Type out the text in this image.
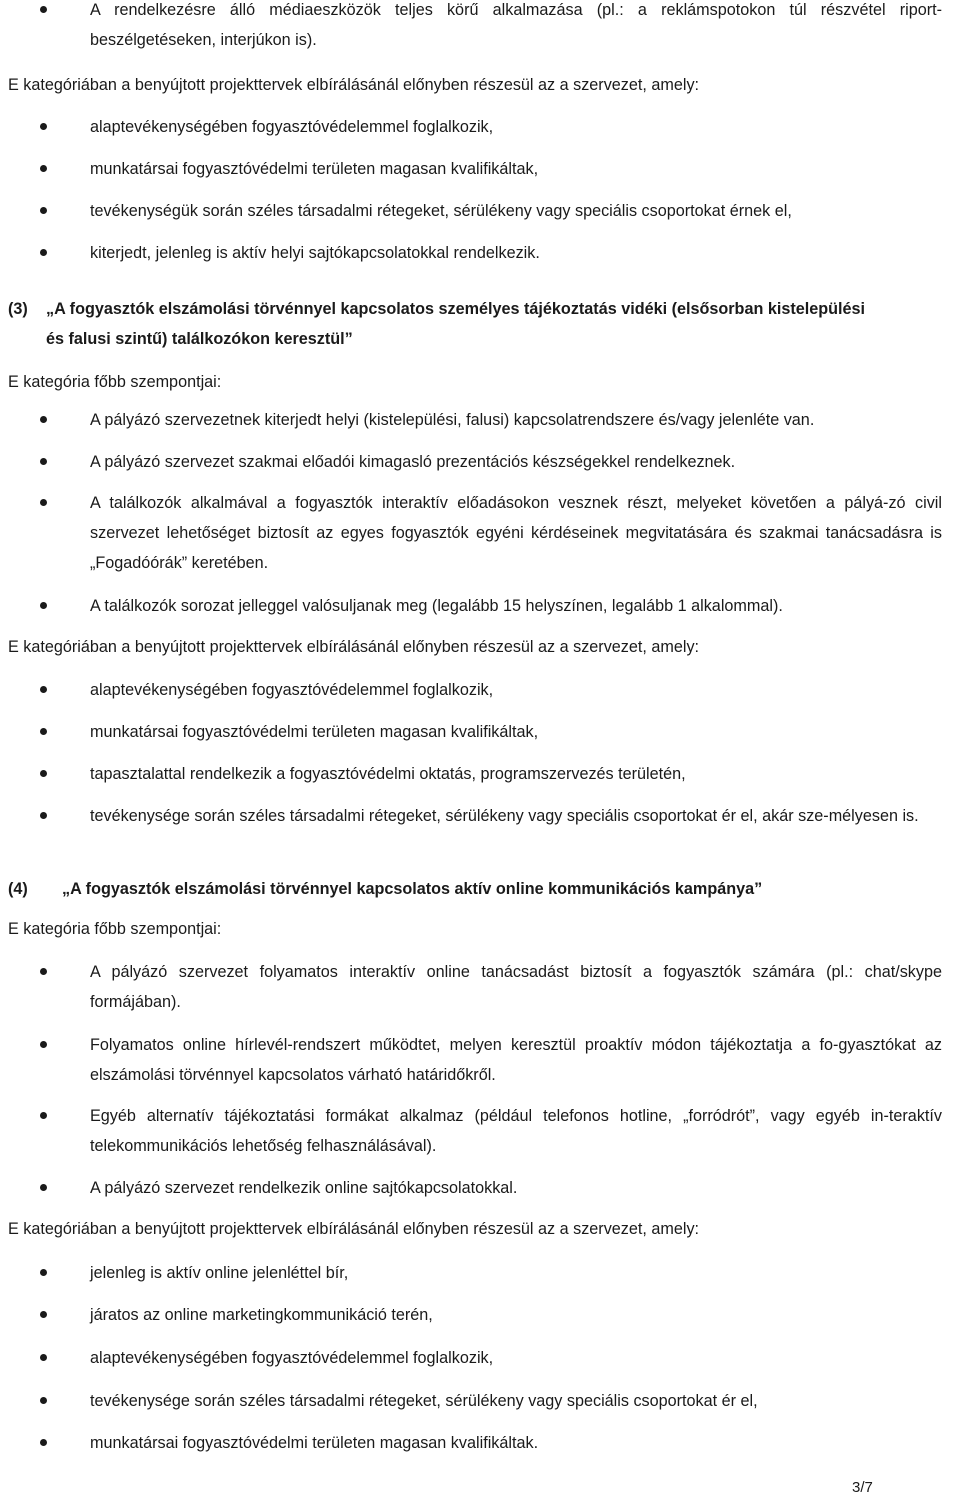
A rendelkezésre álló médiaeszközök teljes körű alkalmazása (pl.: a reklámspotokon túl részvétel riport-
beszélgetéseken, interjúkon is).
E kategóriában a benyújtott projekttervek elbírálásánál előnyben részesül az a szervezet, amely:
alaptevékenységében fogyasztóvédelemmel foglalkozik,
munkatársai fogyasztóvédelmi területen magasan kvalifikáltak,
tevékenységük során széles társadalmi rétegeket, sérülékeny vagy speciális csoportokat érnek el,
kiterjedt, jelenleg is aktív helyi sajtókapcsolatokkal rendelkezik.
(3) „A fogyasztók elszámolási törvénnyel kapcsolatos személyes tájékoztatás vidéki (elsősorban kistelepülési
és falusi szintű) találkozókon keresztül”
E kategória főbb szempontjai:
A pályázó szervezetnek kiterjedt helyi (kistelepülési, falusi) kapcsolatrendszere és/vagy jelenléte van.
A pályázó szervezet szakmai előadói kimagasló prezentációs készségekkel rendelkeznek.
A találkozók alkalmával a fogyasztók interaktív előadásokon vesznek részt, melyeket követően a pályá-zó civil szervezet lehetőséget biztosít az egyes fogyasztók egyéni kérdéseinek megvitatására és szakmai tanácsadásra is „Fogadóórák” keretében.
A találkozók sorozat jelleggel valósuljanak meg (legalább 15 helyszínen, legalább 1 alkalommal).
E kategóriában a benyújtott projekttervek elbírálásánál előnyben részesül az a szervezet, amely:
alaptevékenységében fogyasztóvédelemmel foglalkozik,
munkatársai fogyasztóvédelmi területen magasan kvalifikáltak,
tapasztalattal rendelkezik a fogyasztóvédelmi oktatás, programszervezés területén,
tevékenysége során széles társadalmi rétegeket, sérülékeny vagy speciális csoportokat ér el, akár sze-mélyesen is.
(4) „A fogyasztók elszámolási törvénnyel kapcsolatos aktív online kommunikációs kampánya”
E kategória főbb szempontjai:
A pályázó szervezet folyamatos interaktív online tanácsadást biztosít a fogyasztók számára (pl.: chat/skype formájában).
Folyamatos online hírlevél-rendszert működtet, melyen keresztül proaktív módon tájékoztatja a fo-gyasztókat az elszámolási törvénnyel kapcsolatos várható határidőkről.
Egyéb alternatív tájékoztatási formákat alkalmaz (például telefonos hotline, „forródrót”, vagy egyéb in-teraktív telekommunikációs lehetőség felhasználásával).
A pályázó szervezet rendelkezik online sajtókapcsolatokkal.
E kategóriában a benyújtott projekttervek elbírálásánál előnyben részesül az a szervezet, amely:
jelenleg is aktív online jelenléttel bír,
járatos az online marketingkommunikáció terén,
alaptevékenységében fogyasztóvédelemmel foglalkozik,
tevékenysége során széles társadalmi rétegeket, sérülékeny vagy speciális csoportokat ér el,
munkatársai fogyasztóvédelmi területen magasan kvalifikáltak.
3/7
